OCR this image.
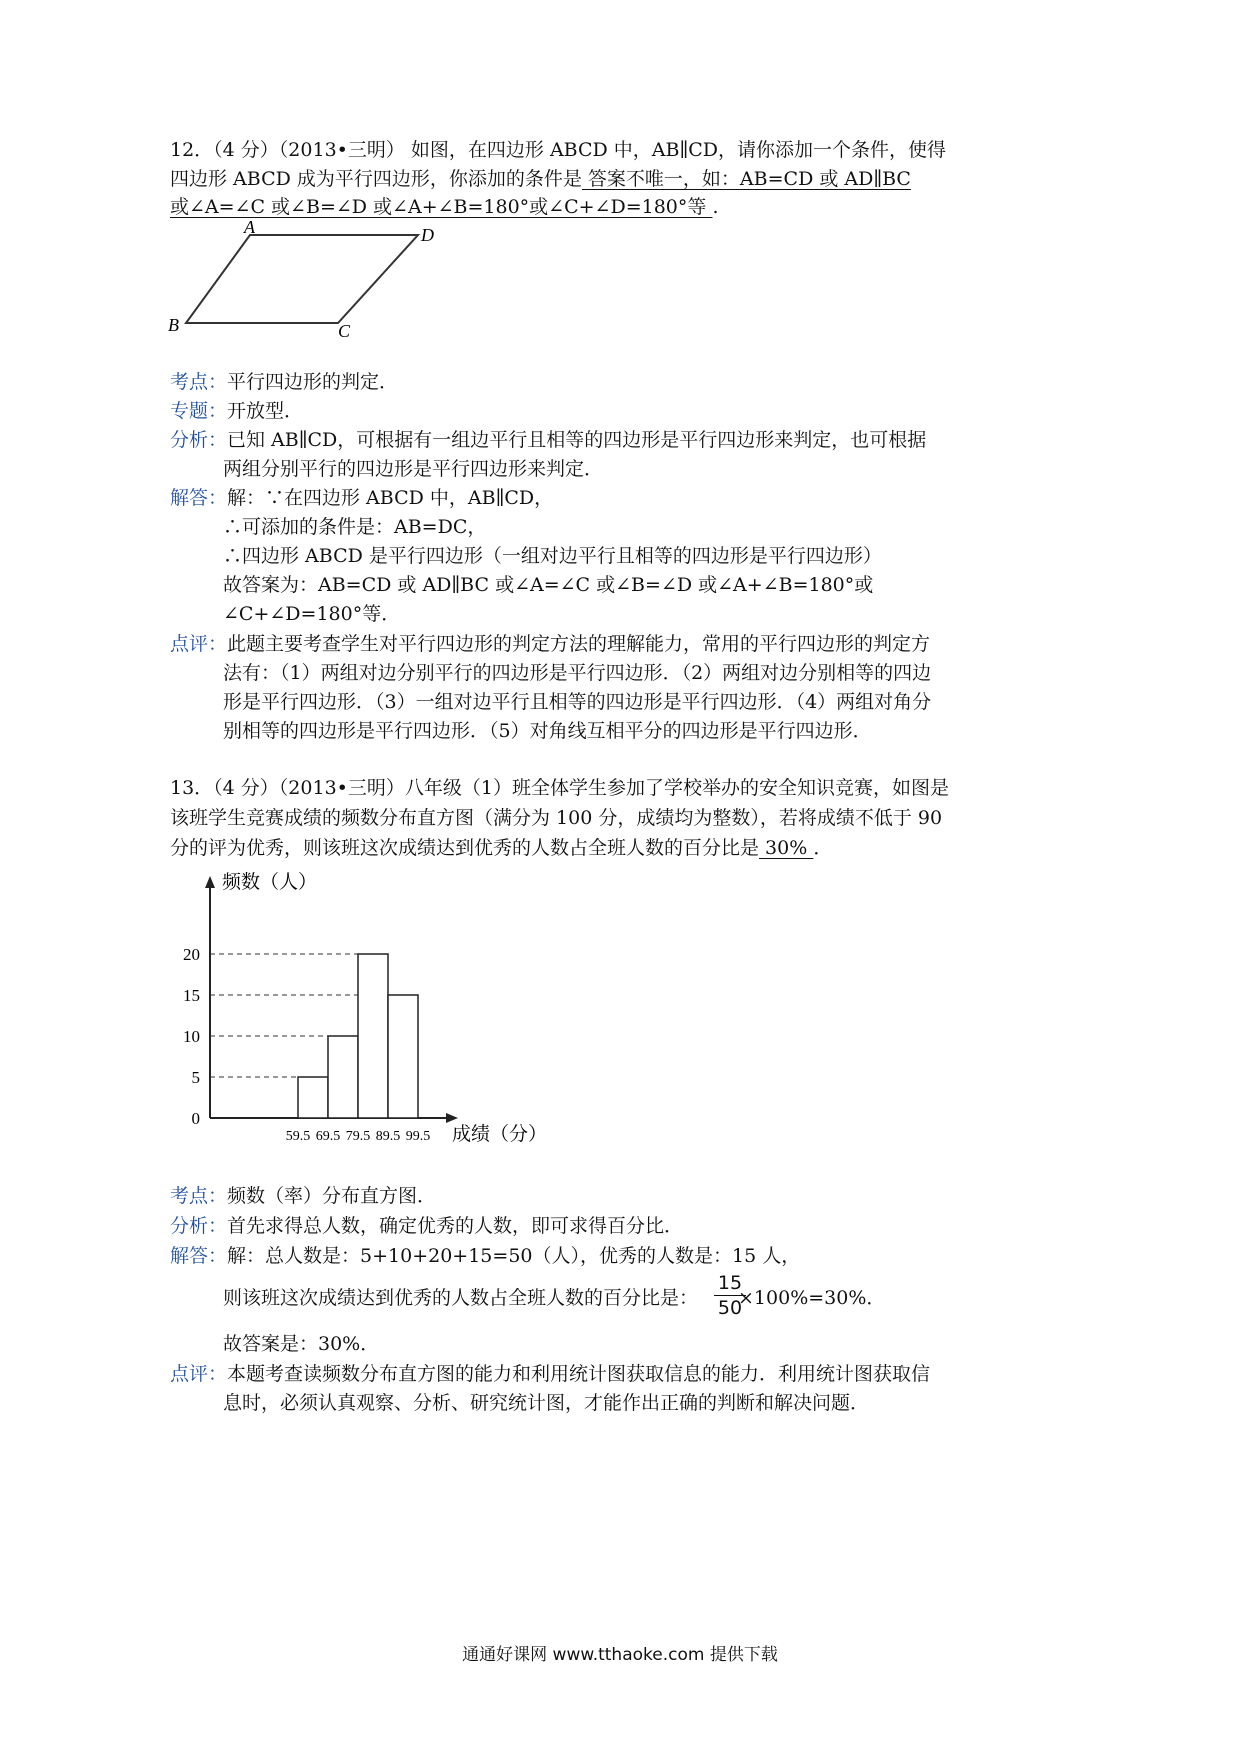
12．（4 分）（2013•三明） 如图，在四边形 ABCD 中，AB∥CD，请你添加一个条件，使得
四边形 ABCD 成为平行四边形，你添加的条件是 答案不唯一，如：AB=CD 或 AD∥BC
或∠A=∠C 或∠B=∠D 或∠A+∠B=180°或∠C+∠D=180°等 .
A	D
B	C
考点：平行四边形的判定．
专题：开放型．
分析：已知 AB∥CD，可根据有一组边平行且相等的四边形是平行四边形来判定，也可根据
两组分别平行的四边形是平行四边形来判定．
解答：解：∵在四边形 ABCD 中，AB∥CD，
∴可添加的条件是：AB=DC，
∴四边形 ABCD 是平行四边形（一组对边平行且相等的四边形是平行四边形）
故答案为：AB=CD 或 AD∥BC 或∠A=∠C 或∠B=∠D 或∠A+∠B=180°或
∠C+∠D=180°等．
点评：此题主要考查学生对平行四边形的判定方法的理解能力，常用的平行四边形的判定方
法有：（1）两组对边分别平行的四边形是平行四边形．（2）两组对边分别相等的四边
形是平行四边形．（3）一组对边平行且相等的四边形是平行四边形．（4）两组对角分
别相等的四边形是平行四边形．（5）对角线互相平分的四边形是平行四边形．
13．（4 分）（2013•三明）八年级（1）班全体学生参加了学校举办的安全知识竞赛，如图是
该班学生竞赛成绩的频数分布直方图（满分为 100 分，成绩均为整数），若将成绩不低于 90
分的评为优秀，则该班这次成绩达到优秀的人数占全班人数的百分比是 30% ．
0
5
10
15
20
59.5 69.5 79.5 89.5 99.5
频数（人）
成绩（分）
考点：频数（率）分布直方图．
分析：首先求得总人数，确定优秀的人数，即可求得百分比．
解答：解：总人数是：5+10+20+15=50（人），优秀的人数是：15 人，
则该班这次成绩达到优秀的人数占全班人数的百分比是： ×100%=30%．
15
50
故答案是：30%．
点评：本题考查读频数分布直方图的能力和利用统计图获取信息的能力．利用统计图获取信
息时，必须认真观察、分析、研究统计图，才能作出正确的判断和解决问题．
通通好课网 www.tthaoke.com 提供下载
